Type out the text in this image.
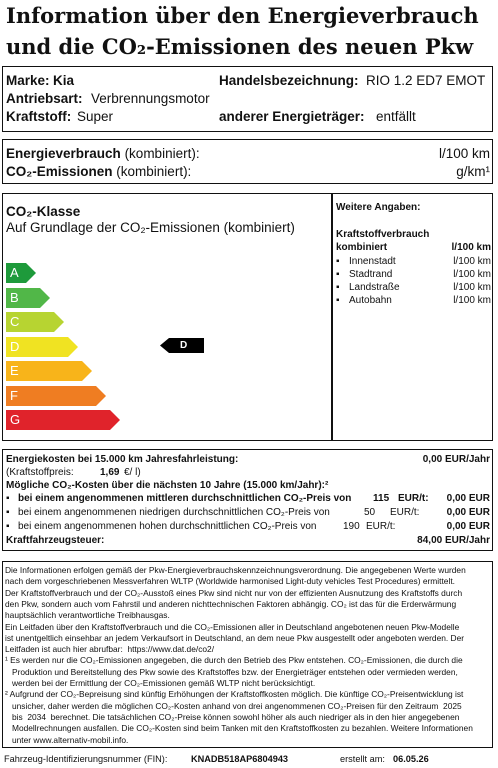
Information über den Energieverbrauch
und die CO₂-Emissionen des neuen Pkw
Marke: Kia	Handelsbezeichnung: RIO 1.2 ED7 EMOT
Antriebsart: Verbrennungsmotor
Kraftstoff: Super	anderer Energieträger: entfällt
Energieverbrauch (kombiniert):	l/100 km
CO₂-Emissionen (kombiniert):	g/km¹
CO₂-Klasse
Auf Grundlage der CO₂-Emissionen (kombiniert)
A
B
C
D
E
F
G
D
Weitere Angaben:
Kraftstoffverbrauch
kombiniert	l/100 km
▪ Innenstadt	l/100 km
▪ Stadtrand	l/100 km
▪ Landstraße	l/100 km
▪ Autobahn	l/100 km
Energiekosten bei 15.000 km Jahresfahrleistung:	0,00 EUR/Jahr
(Kraftstoffpreis:	1,69 €/ l)
Mögliche CO₂-Kosten über die nächsten 10 Jahre (15.000 km/Jahr):²
▪ bei einem angenommenen mittleren durchschnittlichen CO₂-Preis von 115 EUR/t: 0,00 EUR
▪ bei einem angenommenen niedrigen durchschnittlichen CO₂-Preis von	50 EUR/t:	0,00 EUR
▪ bei einem angenommenen hohen durchschnittlichen CO₂-Preis von	190 EUR/t:	0,00 EUR
Kraftfahrzeugsteuer:	84,00 EUR/Jahr
Die Informationen erfolgen gemäß der Pkw-Energieverbrauchskennzeichnungsverordnung. Die angegebenen Werte wurden
nach dem vorgeschriebenen Messverfahren WLTP (Worldwide harmonised Light-duty vehicles Test Procedures) ermittelt.
Der Kraftstoffverbrauch und der CO₂-Ausstoß eines Pkw sind nicht nur von der effizienten Ausnutzung des Kraftstoffs durch
den Pkw, sondern auch vom Fahrstil und anderen nichttechnischen Faktoren abhängig. CO₂ ist das für die Erderwärmung
hauptsächlich verantwortliche Treibhausgas.
Ein Leitfaden über den Kraftstoffverbrauch und die CO₂-Emissionen aller in Deutschland angebotenen neuen Pkw-Modelle
ist unentgeltlich einsehbar an jedem Verkaufsort in Deutschland, an dem neue Pkw ausgestellt oder angeboten werden. Der
Leitfaden ist auch hier abrufbar:  https://www.dat.de/co2/
¹ Es werden nur die CO₂-Emissionen angegeben, die durch den Betrieb des Pkw entstehen. CO₂-Emissionen, die durch die
Produktion und Bereitstellung des Pkw sowie des Kraftstoffes bzw. der Energieträger entstehen oder vermieden werden,
werden bei der Ermittlung der CO₂-Emissionen gemäß WLTP nicht berücksichtigt.
² Aufgrund der CO₂-Bepreisung sind künftig Erhöhungen der Kraftstoffkosten möglich. Die künftige CO₂-Preisentwicklung ist
unsicher, daher werden die möglichen CO₂-Kosten anhand von drei angenommenen CO₂-Preisen für den Zeitraum  2025
bis  2034  berechnet. Die tatsächlichen CO₂-Preise können sowohl höher als auch niedriger als in den hier angegebenen
Modellrechnungen ausfallen. Die CO₂-Kosten sind beim Tanken mit den Kraftstoffkosten zu bezahlen. Weitere Informationen
unter www.alternativ-mobil.info.
Fahrzeug-Identifizierungsnummer (FIN):	KNADB518AP6804943	erstellt am: 06.05.26
